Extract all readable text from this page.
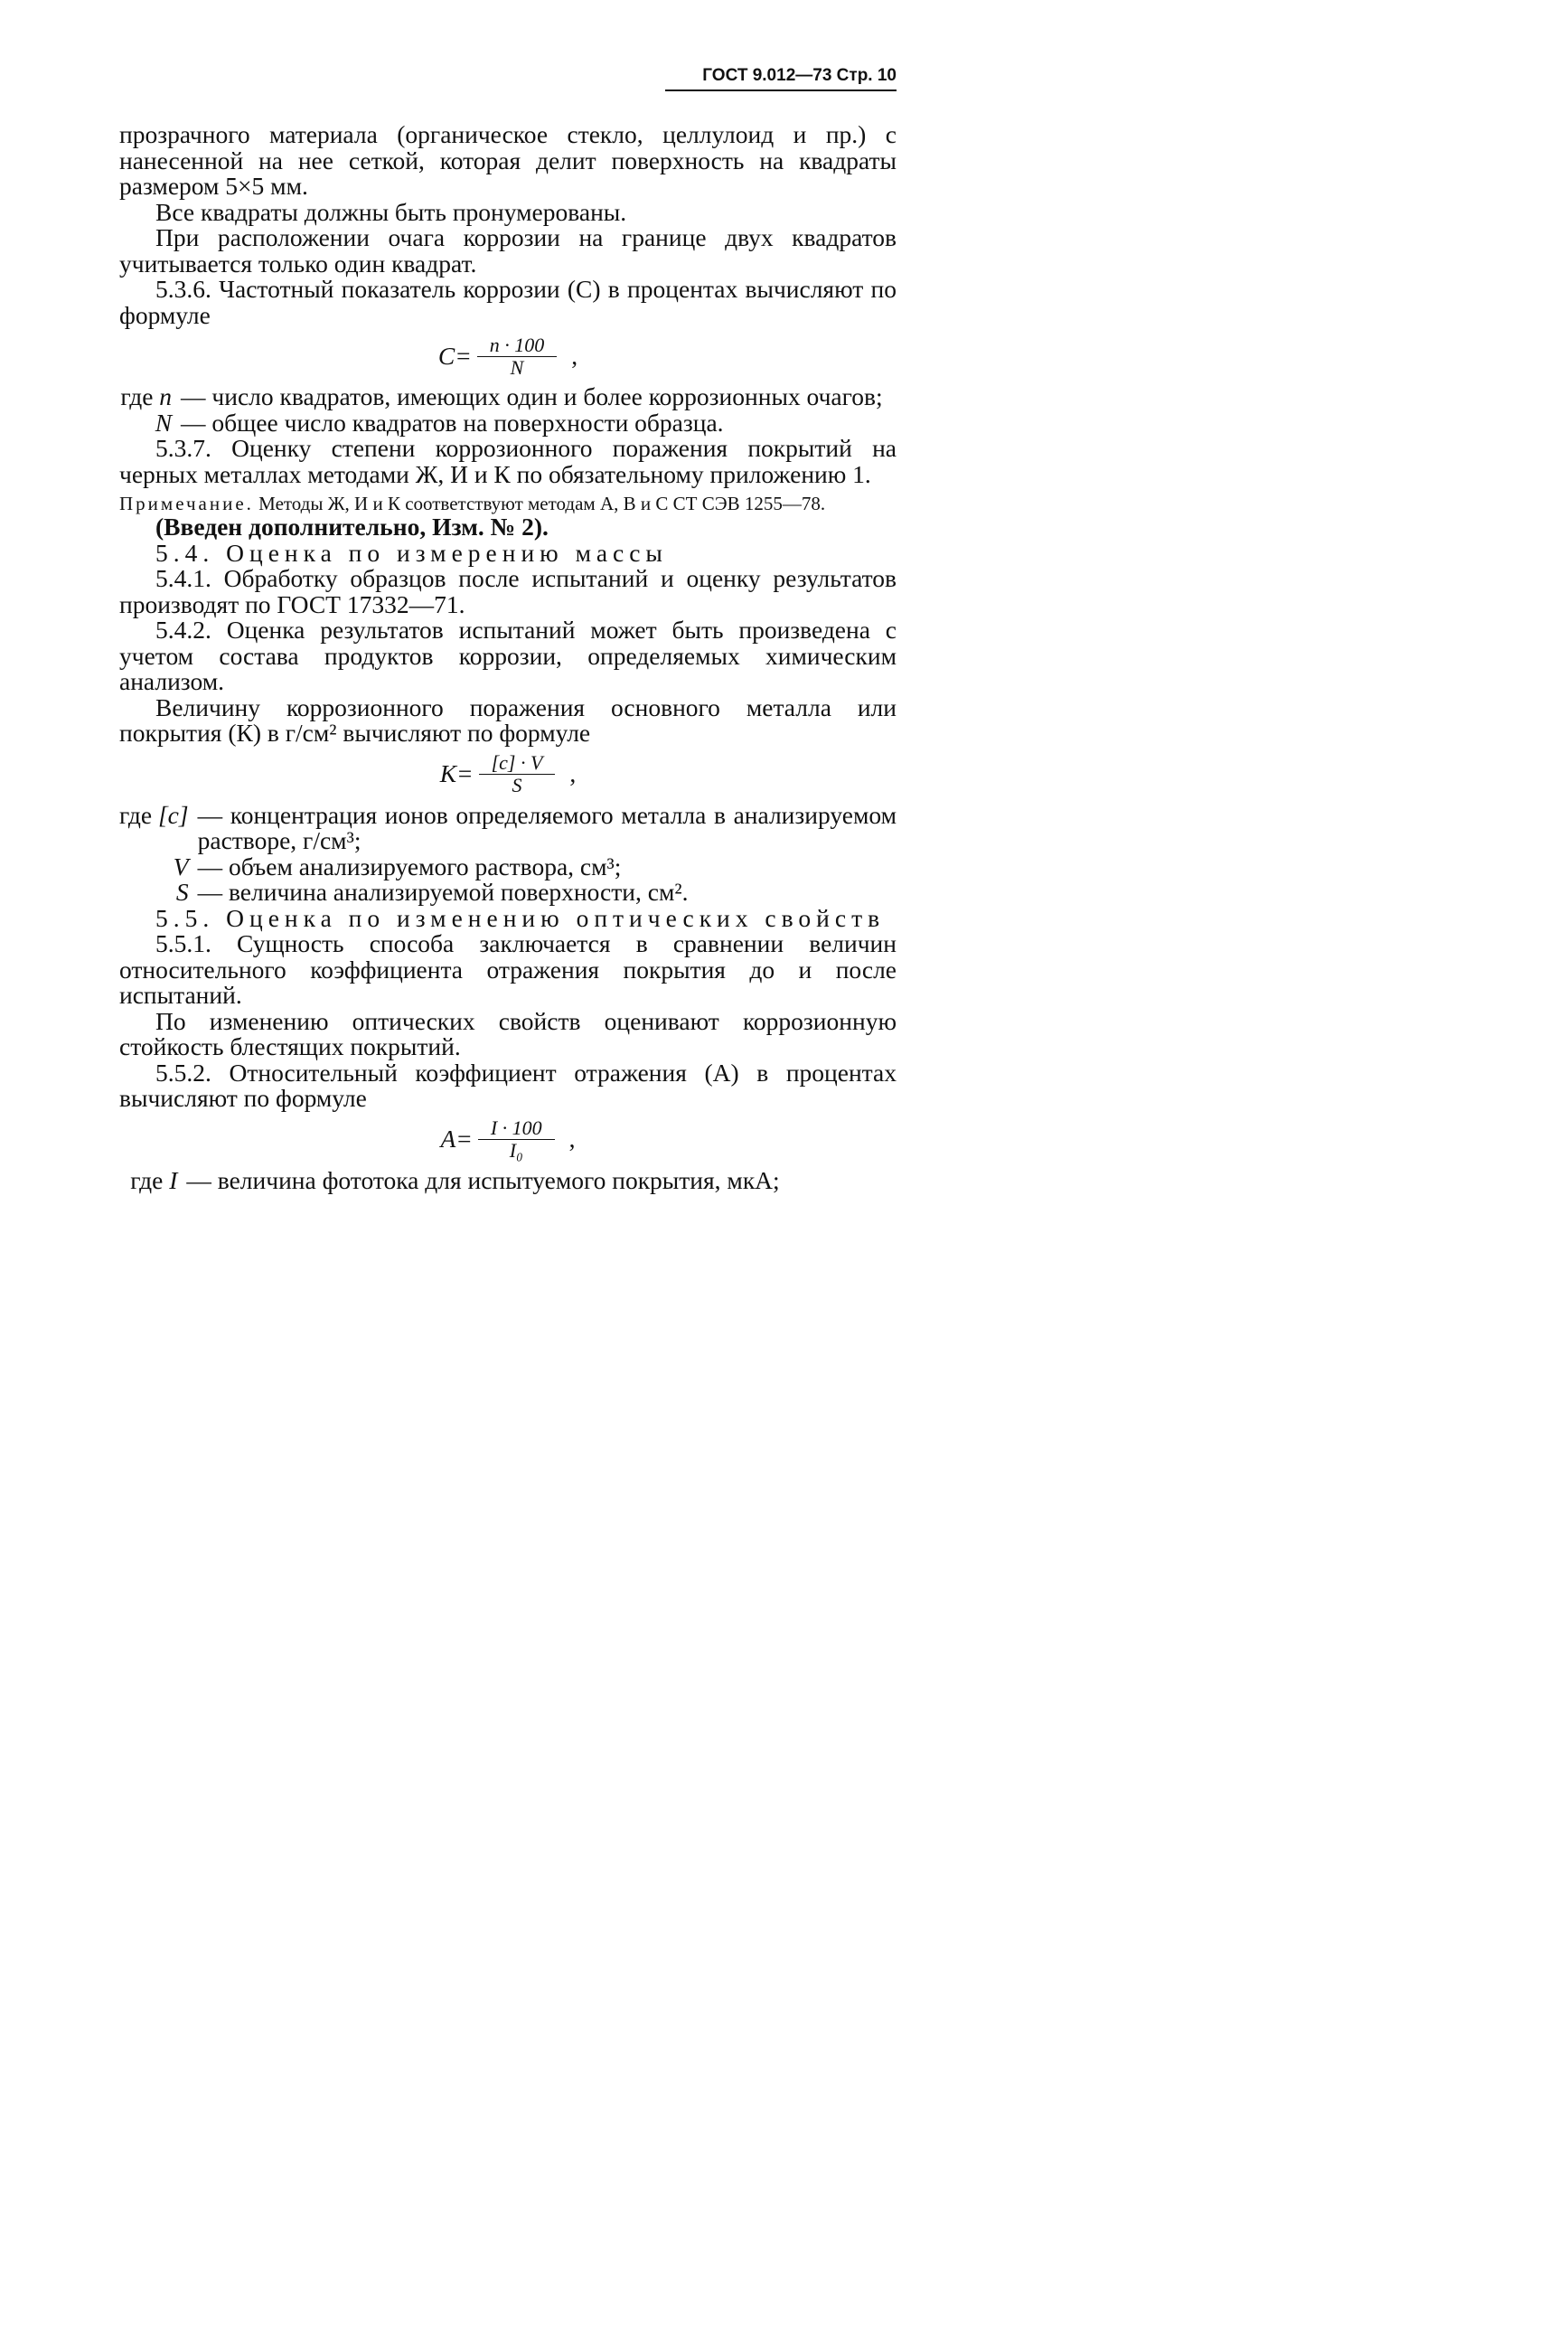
ГОСТ 9.012—73 Стр. 10

прозрачного материала (органическое стекло, целлулоид и пр.) с нанесенной на нее сеткой, которая делит поверхность на квадраты размером 5×5 мм.

Все квадраты должны быть пронумерованы.

При расположении очага коррозии на границе двух квадратов учитывается только один квадрат.

5.3.6. Частотный показатель коррозии (С) в процентах вычисляют по формуле

$C= \frac{n \cdot 100}{N}$ ,
где n	— число квадратов, имеющих один и более коррозионных очагов;
N	— общее число квадратов на поверхности образца.

5.3.7. Оценку степени коррозионного поражения покрытий на черных металлах методами Ж, И и К по обязательному приложению 1.

Примечание. Методы Ж, И и К соответствуют методам А, В и С СТ СЭВ 1255—78.

(Введен дополнительно, Изм. № 2).

5.4. Оценка по измерению массы

5.4.1. Обработку образцов после испытаний и оценку результатов производят по ГОСТ 17332—71.

5.4.2. Оценка результатов испытаний может быть произведена с учетом состава продуктов коррозии, определяемых химическим анализом.

Величину коррозионного поражения основного металла или покрытия (К) в г/см² вычисляют по формуле

$K= \frac{[c] \cdot V}{S}$ ,
где [c]	— концентрация ионов определяемого металла в анализируемом растворе, г/см³;
V	— объем анализируемого раствора, см³;
S	— величина анализируемой поверхности, см².

5.5. Оценка по изменению оптических свойств

5.5.1. Сущность способа заключается в сравнении величин относительного коэффициента отражения покрытия до и после испытаний.

По изменению оптических свойств оценивают коррозионную стойкость блестящих покрытий.

5.5.2. Относительный коэффициент отражения (А) в процентах вычисляют по формуле

$A= \frac{I \cdot 100}{\text{I₀}}$ ,
где I	— величина фототока для испытуемого покрытия, мкА;
